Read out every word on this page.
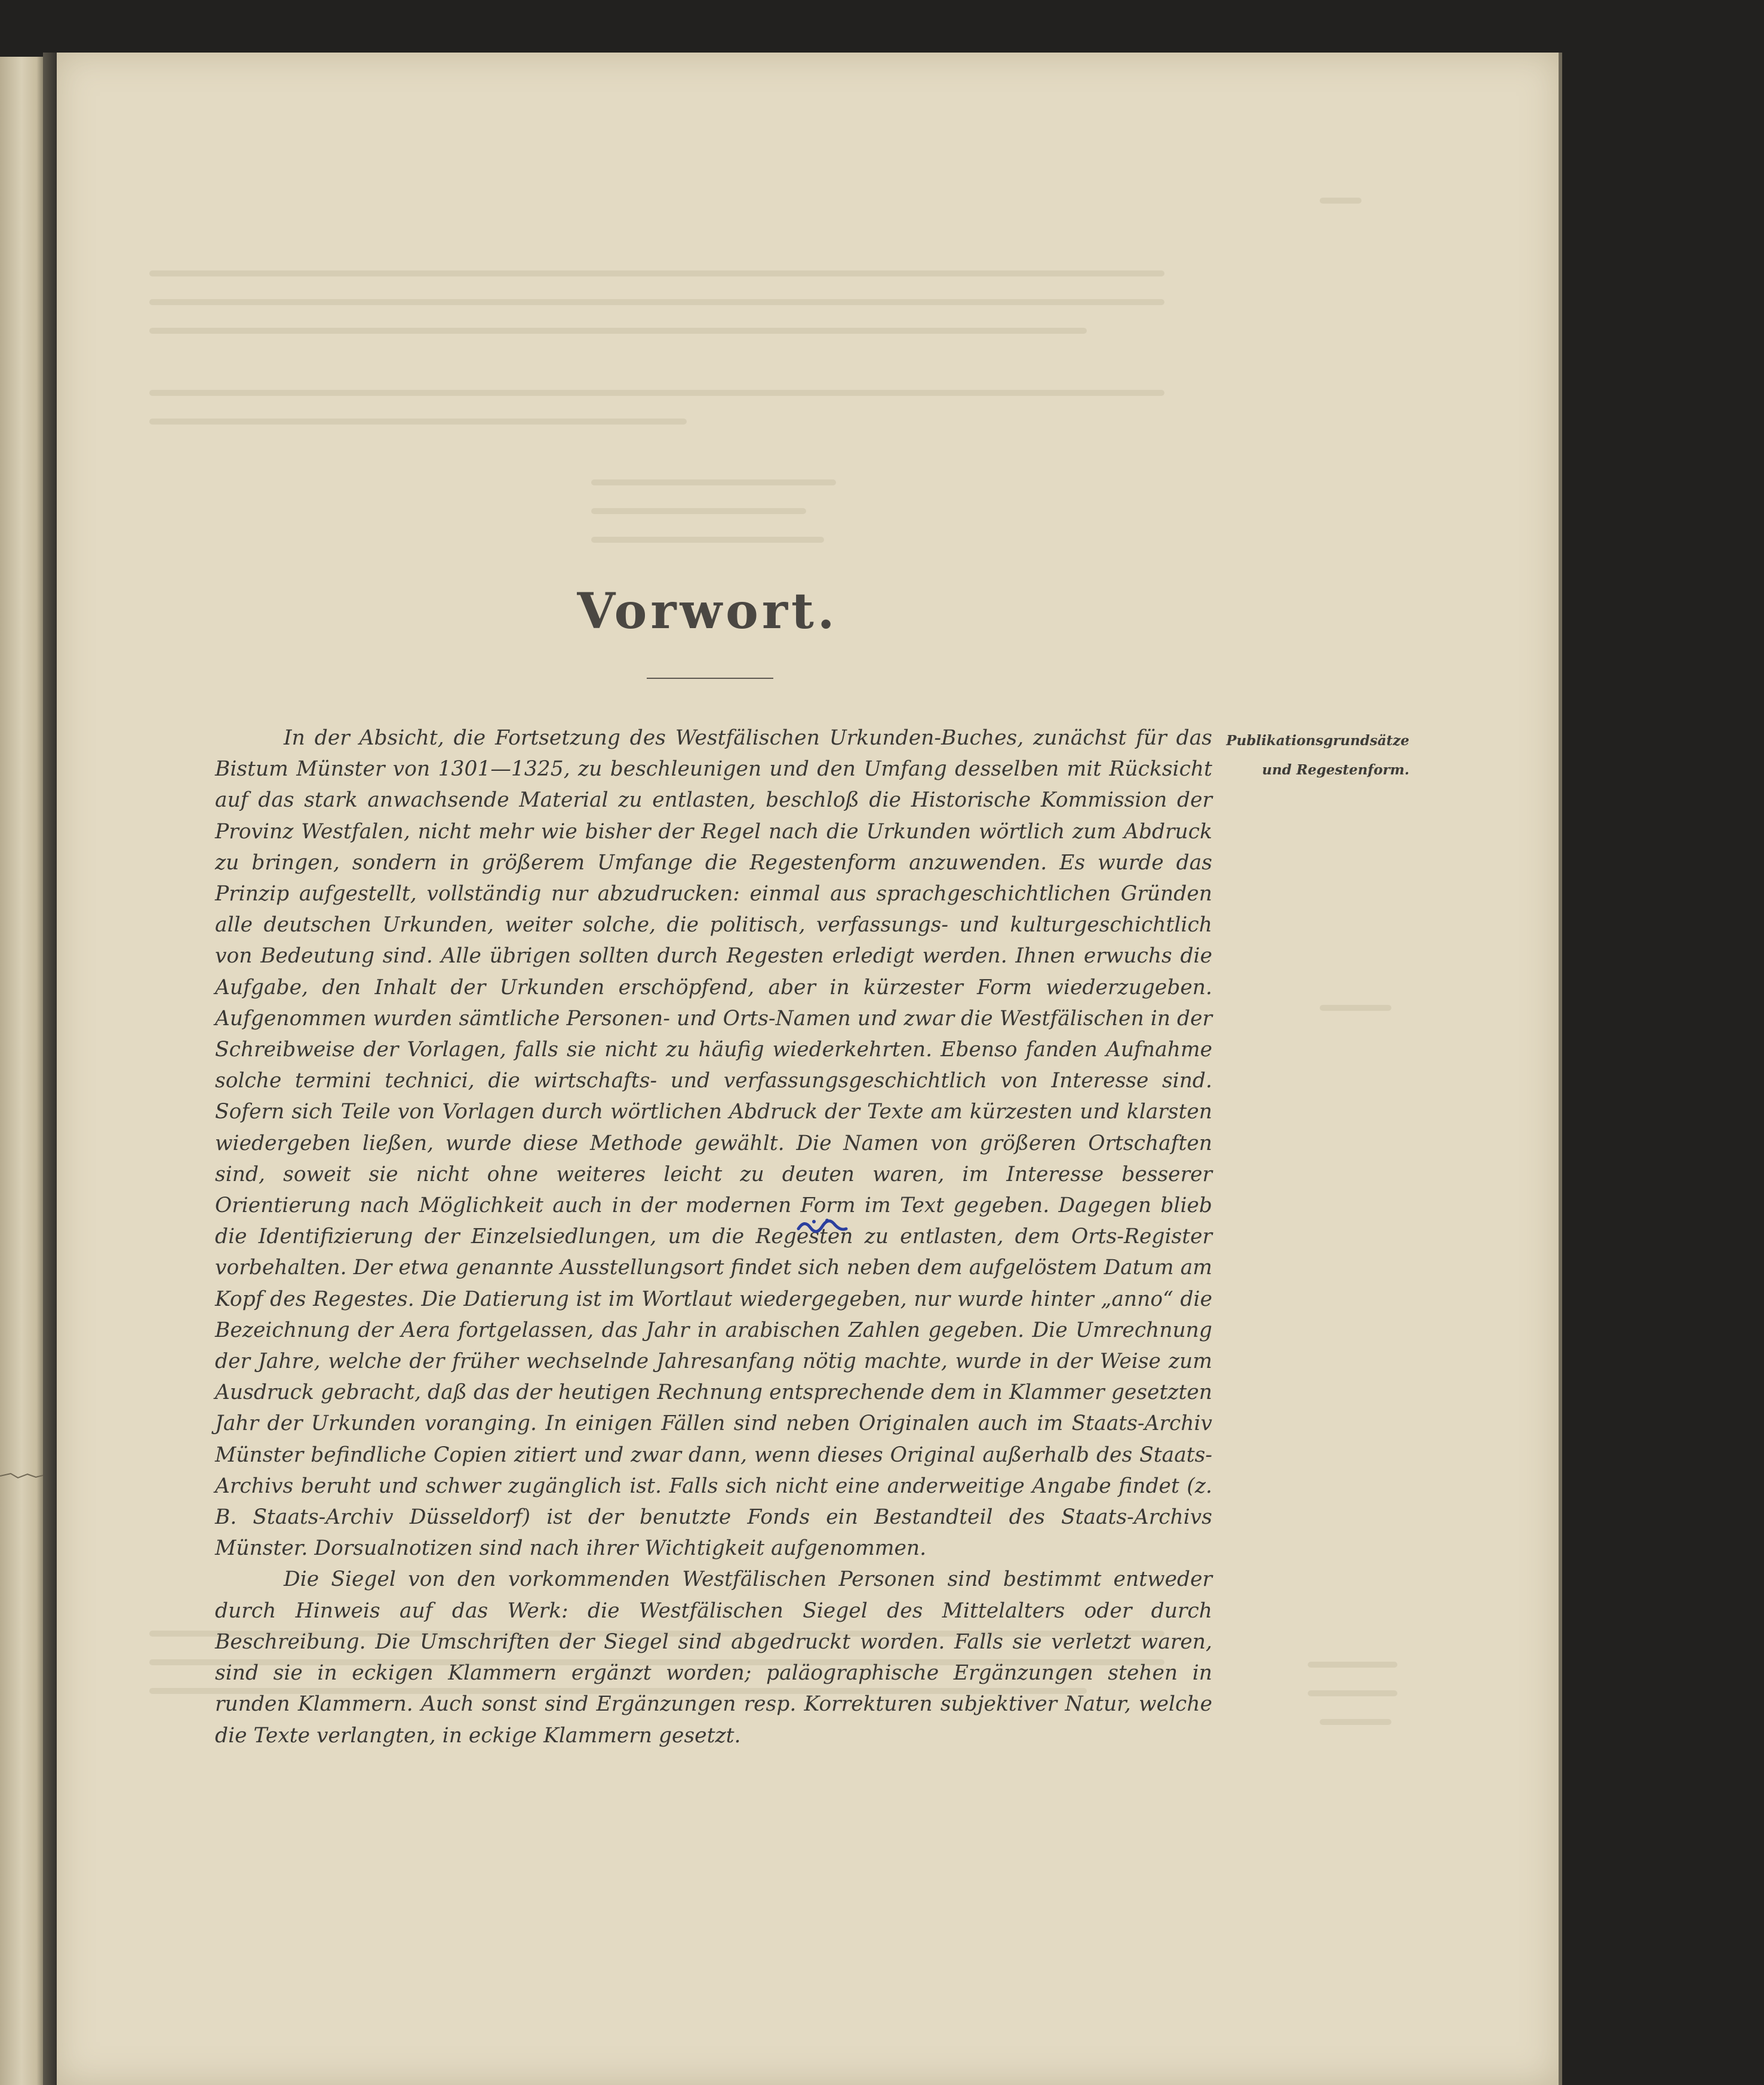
Vorwort.

In der Absicht, die Fortsetzung des Westfälischen Urkunden-Buches, zunächst für das Bistum Münster von 1301—1325, zu beschleunigen und den Umfang desselben mit Rücksicht auf das stark anwachsende Material zu entlasten, beschloß die Historische Kommission der Provinz Westfalen, nicht mehr wie bisher der Regel nach die Urkunden wörtlich zum Abdruck zu bringen, sondern in größerem Umfange die Regestenform anzuwenden. Es wurde das Prinzip aufgestellt, vollständig nur abzudrucken: einmal aus sprachgeschichtlichen Gründen alle deutschen Urkunden, weiter solche, die politisch, verfassungs- und kulturgeschichtlich von Bedeutung sind. Alle übrigen sollten durch Regesten erledigt werden. Ihnen erwuchs die Aufgabe, den Inhalt der Urkunden erschöpfend, aber in kürzester Form wiederzugeben. Aufgenommen wurden sämtliche Personen- und Orts-Namen und zwar die Westfälischen in der Schreibweise der Vorlagen, falls sie nicht zu häufig wiederkehrten. Ebenso fanden Aufnahme solche termini technici, die wirtschafts- und verfassungsgeschichtlich von Interesse sind. Sofern sich Teile von Vorlagen durch wörtlichen Abdruck der Texte am kürzesten und klarsten wiedergeben ließen, wurde diese Methode gewählt. Die Namen von größeren Ortschaften sind, soweit sie nicht ohne weiteres leicht zu deuten waren, im Interesse besserer Orientierung nach Möglichkeit auch in der modernen Form im Text gegeben. Dagegen blieb die Identifizierung der Einzelsiedlungen, um die Regesten zu entlasten, dem Orts-Register vorbehalten. Der etwa genannte Ausstellungsort findet sich neben dem aufgelöstem Datum am Kopf des Regestes. Die Datierung ist im Wortlaut wiedergegeben, nur wurde hinter „anno“ die Bezeichnung der Aera fortgelassen, das Jahr in arabischen Zahlen gegeben. Die Umrechnung der Jahre, welche der früher wechselnde Jahresanfang nötig machte, wurde in der Weise zum Ausdruck gebracht, daß das der heutigen Rechnung entsprechende dem in Klammer gesetzten Jahr der Urkunden voranging. In einigen Fällen sind neben Originalen auch im Staats-Archiv Münster befindliche Copien zitiert und zwar dann, wenn dieses Original außerhalb des Staats-Archivs beruht und schwer zugänglich ist. Falls sich nicht eine anderweitige Angabe findet (z. B. Staats-Archiv Düsseldorf) ist der benutzte Fonds ein Bestandteil des Staats-Archivs Münster. Dorsualnotizen sind nach ihrer Wichtigkeit aufgenommen.

Die Siegel von den vorkommenden Westfälischen Personen sind bestimmt entweder durch Hinweis auf das Werk: die Westfälischen Siegel des Mittelalters oder durch Beschreibung. Die Umschriften der Siegel sind abgedruckt worden. Falls sie verletzt waren, sind sie in eckigen Klammern ergänzt worden; paläographische Ergänzungen stehen in runden Klammern. Auch sonst sind Ergänzungen resp. Korrekturen subjektiver Natur, welche die Texte verlangten, in eckige Klammern gesetzt.

Publikationsgrundsätze und Regestenform.
